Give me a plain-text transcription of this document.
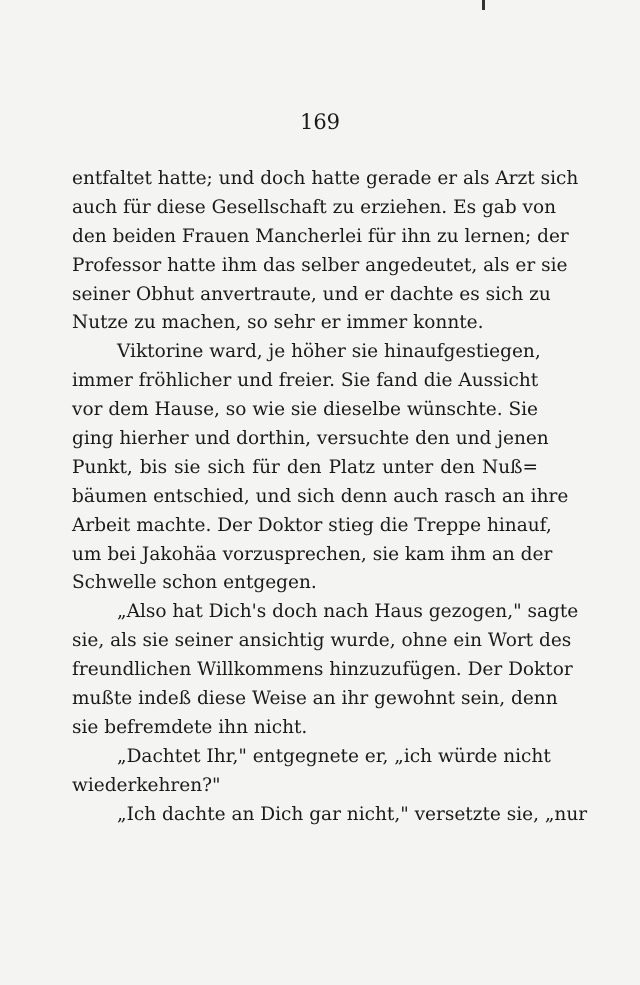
169
entfaltet hatte; und doch hatte gerade er als Arzt sich
auch für diese Gesellschaft zu erziehen. Es gab von
den beiden Frauen Mancherlei für ihn zu lernen; der
Professor hatte ihm das selber angedeutet, als er sie
seiner Obhut anvertraute, und er dachte es sich zu
Nutze zu machen, so sehr er immer konnte.
Viktorine ward, je höher sie hinaufgestiegen,
immer fröhlicher und freier. Sie fand die Aussicht
vor dem Hause, so wie sie dieselbe wünschte. Sie
ging hierher und dorthin, versuchte den und jenen
Punkt, bis sie sich für den Platz unter den Nuß=
bäumen entschied, und sich denn auch rasch an ihre
Arbeit machte. Der Doktor stieg die Treppe hinauf,
um bei Jakohäa vorzusprechen, sie kam ihm an der
Schwelle schon entgegen.
„Also hat Dich's doch nach Haus gezogen," sagte
sie, als sie seiner ansichtig wurde, ohne ein Wort des
freundlichen Willkommens hinzuzufügen. Der Doktor
mußte indeß diese Weise an ihr gewohnt sein, denn
sie befremdete ihn nicht.
„Dachtet Ihr," entgegnete er, „ich würde nicht
wiederkehren?"
„Ich dachte an Dich gar nicht," versetzte sie, „nur
